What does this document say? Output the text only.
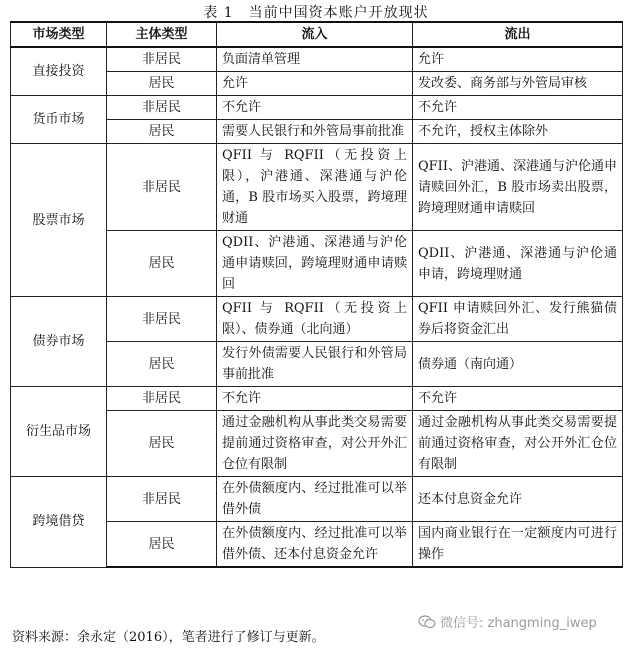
表 1　当前中国资本账户开放现状
市场类型	主体类型	流入	流出
直接投资	非居民	负面清单管理	允许
	居民	允许	发改委、商务部与外管局审核
货币市场	非居民	不允许	不允许
	居民	需要人民银行和外管局事前批准	不允许，授权主体除外
股票市场	非居民	QFII 与 RQFII（无投资上限），沪港通、深港通与沪伦通，B 股市场买入股票，跨境理财通	QFII、沪港通、深港通与沪伦通申请赎回外汇，B 股市场卖出股票，跨境理财通申请赎回
	居民	QDII、沪港通、深港通与沪伦通申请赎回，跨境理财通申请赎回	QDII、沪港通、深港通与沪伦通申请，跨境理财通
债券市场	非居民	QFII 与 RQFII（无投资上限）、债券通（北向通）	QFII 申请赎回外汇、发行熊猫债券后将资金汇出
	居民	发行外债需要人民银行和外管局事前批准	债券通（南向通）
衍生品市场	非居民	不允许	不允许
	居民	通过金融机构从事此类交易需要提前通过资格审查，对公开外汇仓位有限制	通过金融机构从事此类交易需要提前通过资格审查，对公开外汇仓位有限制
跨境借贷	非居民	在外债额度内、经过批准可以举借外债	还本付息资金允许
	居民	在外债额度内、经过批准可以举借外债、还本付息资金允许	国内商业银行在一定额度内可进行操作
资料来源：余永定（2016），笔者进行了修订与更新。
微信号: zhangming_iwep
